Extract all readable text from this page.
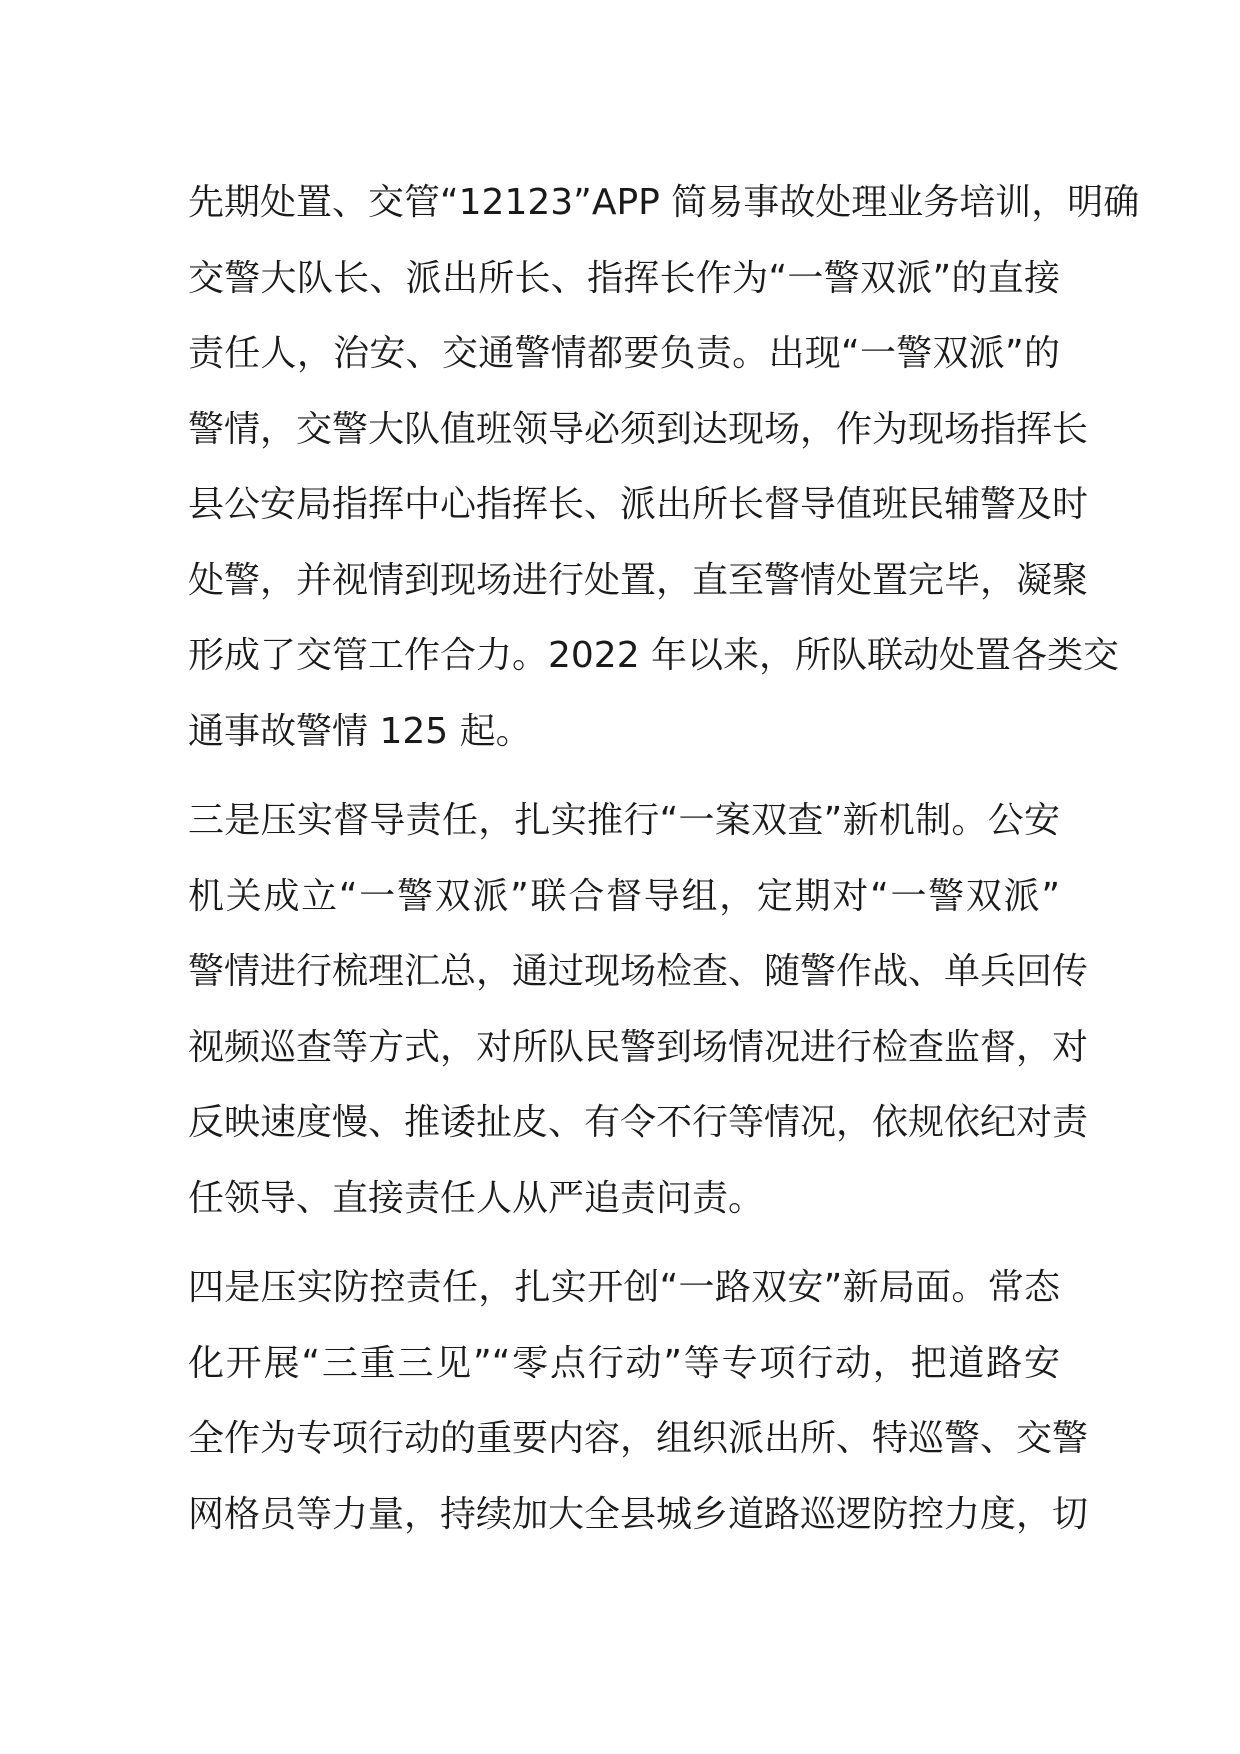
先期处置、交管“12123”APP 简易事故处理业务培训，明确
交警大队长、派出所长、指挥长作为“一警双派”的直接
责任人，治安、交通警情都要负责。出现“一警双派”的
警情，交警大队值班领导必须到达现场，作为现场指挥长
县公安局指挥中心指挥长、派出所长督导值班民辅警及时
处警，并视情到现场进行处置，直至警情处置完毕，凝聚
形成了交管工作合力。2022 年以来，所队联动处置各类交
通事故警情 125 起。
三是压实督导责任，扎实推行“一案双查”新机制。公安
机关成立“一警双派”联合督导组，定期对“一警双派”
警情进行梳理汇总，通过现场检查、随警作战、单兵回传
视频巡查等方式，对所队民警到场情况进行检查监督，对
反映速度慢、推诿扯皮、有令不行等情况，依规依纪对责
任领导、直接责任人从严追责问责。
四是压实防控责任，扎实开创“一路双安”新局面。常态
化开展“三重三见”“零点行动”等专项行动，把道路安
全作为专项行动的重要内容，组织派出所、特巡警、交警
网格员等力量，持续加大全县城乡道路巡逻防控力度，切
